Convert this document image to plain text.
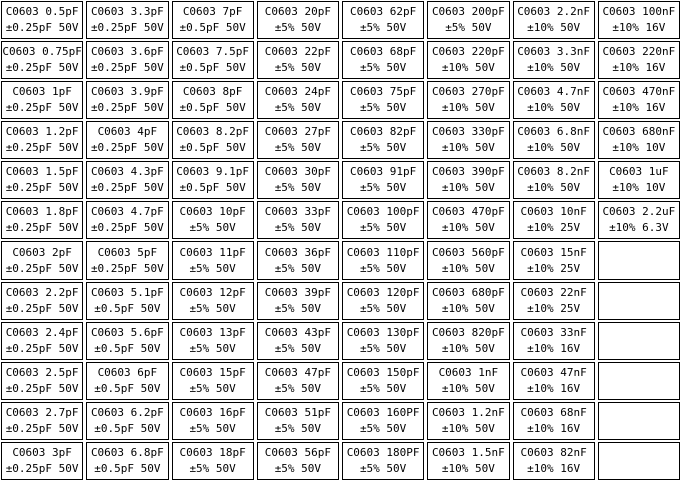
C0603 0.5pF
±0.25pF 50V
C0603 3.3pF
±0.25pF 50V
C0603 7pF
±0.5pF 50V
C0603 20pF
±5% 50V
C0603 62pF
±5% 50V
C0603 200pF
±5% 50V
C0603 2.2nF
±10% 50V
C0603 100nF
±10% 16V
C0603 0.75pF
±0.25pF 50V
C0603 3.6pF
±0.25pF 50V
C0603 7.5pF
±0.5pF 50V
C0603 22pF
±5% 50V
C0603 68pF
±5% 50V
C0603 220pF
±10% 50V
C0603 3.3nF
±10% 50V
C0603 220nF
±10% 16V
C0603 1pF
±0.25pF 50V
C0603 3.9pF
±0.25pF 50V
C0603 8pF
±0.5pF 50V
C0603 24pF
±5% 50V
C0603 75pF
±5% 50V
C0603 270pF
±10% 50V
C0603 4.7nF
±10% 50V
C0603 470nF
±10% 16V
C0603 1.2pF
±0.25pF 50V
C0603 4pF
±0.25pF 50V
C0603 8.2pF
±0.5pF 50V
C0603 27pF
±5% 50V
C0603 82pF
±5% 50V
C0603 330pF
±10% 50V
C0603 6.8nF
±10% 50V
C0603 680nF
±10% 10V
C0603 1.5pF
±0.25pF 50V
C0603 4.3pF
±0.25pF 50V
C0603 9.1pF
±0.5pF 50V
C0603 30pF
±5% 50V
C0603 91pF
±5% 50V
C0603 390pF
±10% 50V
C0603 8.2nF
±10% 50V
C0603 1uF
±10% 10V
C0603 1.8pF
±0.25pF 50V
C0603 4.7pF
±0.25pF 50V
C0603 10pF
±5% 50V
C0603 33pF
±5% 50V
C0603 100pF
±5% 50V
C0603 470pF
±10% 50V
C0603 10nF
±10% 25V
C0603 2.2uF
±10% 6.3V
C0603 2pF
±0.25pF 50V
C0603 5pF
±0.25pF 50V
C0603 11pF
±5% 50V
C0603 36pF
±5% 50V
C0603 110pF
±5% 50V
C0603 560pF
±10% 50V
C0603 15nF
±10% 25V
C0603 2.2pF
±0.25pF 50V
C0603 5.1pF
±0.5pF 50V
C0603 12pF
±5% 50V
C0603 39pF
±5% 50V
C0603 120pF
±5% 50V
C0603 680pF
±10% 50V
C0603 22nF
±10% 25V
C0603 2.4pF
±0.25pF 50V
C0603 5.6pF
±0.5pF 50V
C0603 13pF
±5% 50V
C0603 43pF
±5% 50V
C0603 130pF
±5% 50V
C0603 820pF
±10% 50V
C0603 33nF
±10% 16V
C0603 2.5pF
±0.25pF 50V
C0603 6pF
±0.5pF 50V
C0603 15pF
±5% 50V
C0603 47pF
±5% 50V
C0603 150pF
±5% 50V
C0603 1nF
±10% 50V
C0603 47nF
±10% 16V
C0603 2.7pF
±0.25pF 50V
C0603 6.2pF
±0.5pF 50V
C0603 16pF
±5% 50V
C0603 51pF
±5% 50V
C0603 160PF
±5% 50V
C0603 1.2nF
±10% 50V
C0603 68nF
±10% 16V
C0603 3pF
±0.25pF 50V
C0603 6.8pF
±0.5pF 50V
C0603 18pF
±5% 50V
C0603 56pF
±5% 50V
C0603 180PF
±5% 50V
C0603 1.5nF
±10% 50V
C0603 82nF
±10% 16V
